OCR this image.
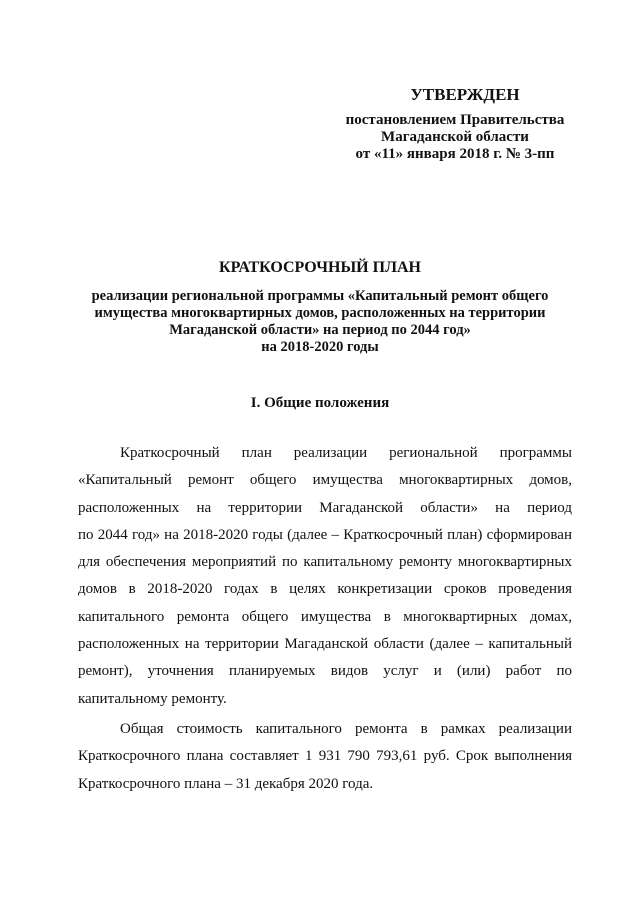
УТВЕРЖДЕН
постановлением Правительства
Магаданской области
от «11» января 2018 г. № 3-пп
КРАТКОСРОЧНЫЙ ПЛАН
реализации региональной программы «Капитальный ремонт общего
имущества многоквартирных домов, расположенных на территории
Магаданской области» на период по 2044 год»
на 2018-2020 годы
I. Общие положения

Краткосрочный план реализации региональной программы
«Капитальный ремонт общего имущества многоквартирных домов,
расположенных на территории Магаданской области» на период
по 2044 год» на 2018-2020 годы (далее – Краткосрочный план) сформирован
для обеспечения мероприятий по капитальному ремонту многоквартирных
домов в 2018-2020 годах в целях конкретизации сроков проведения
капитального ремонта общего имущества в многоквартирных домах,
расположенных на территории Магаданской области (далее – капитальный
ремонт), уточнения планируемых видов услуг и (или) работ по
капитальному ремонту.

Общая стоимость капитального ремонта в рамках реализации
Краткосрочного плана составляет 1 931 790 793,61 руб. Срок выполнения
Краткосрочного плана – 31 декабря 2020 года.
